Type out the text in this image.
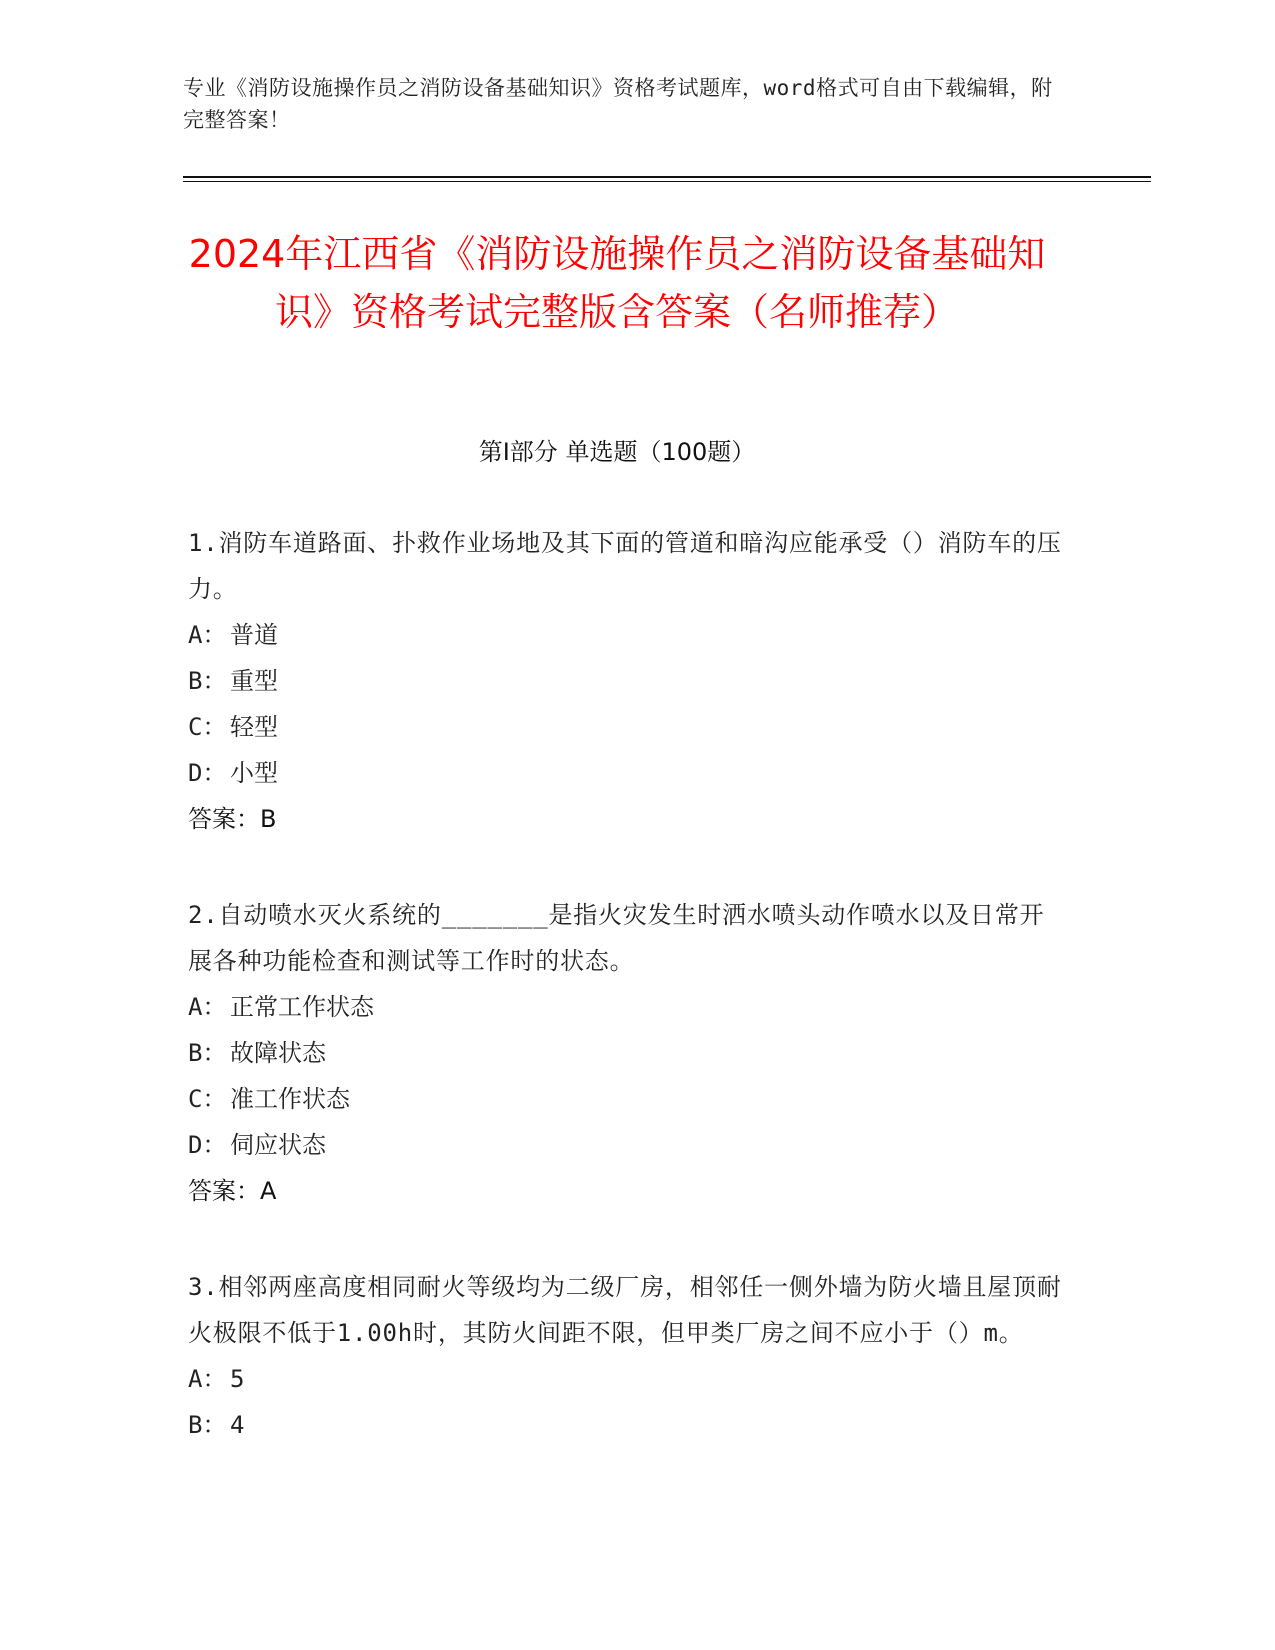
专业《消防设施操作员之消防设备基础知识》资格考试题库，word格式可自由下载编辑，附完整答案！
2024年江西省《消防设施操作员之消防设备基础知识》资格考试完整版含答案（名师推荐）
第Ⅰ部分 单选题（100题）
1.消防车道路面、扑救作业场地及其下面的管道和暗沟应能承受（）消防车的压力。
A： 普道
B： 重型
C： 轻型
D： 小型
答案：B
2.自动喷水灭火系统的_______是指火灾发生时洒水喷头动作喷水以及日常开展各种功能检查和测试等工作时的状态。
A： 正常工作状态
B： 故障状态
C： 准工作状态
D： 伺应状态
答案：A
3.相邻两座高度相同耐火等级均为二级厂房，相邻任一侧外墙为防火墙且屋顶耐火极限不低于1.00h时，其防火间距不限，但甲类厂房之间不应小于（）m。
A： 5
B： 4
